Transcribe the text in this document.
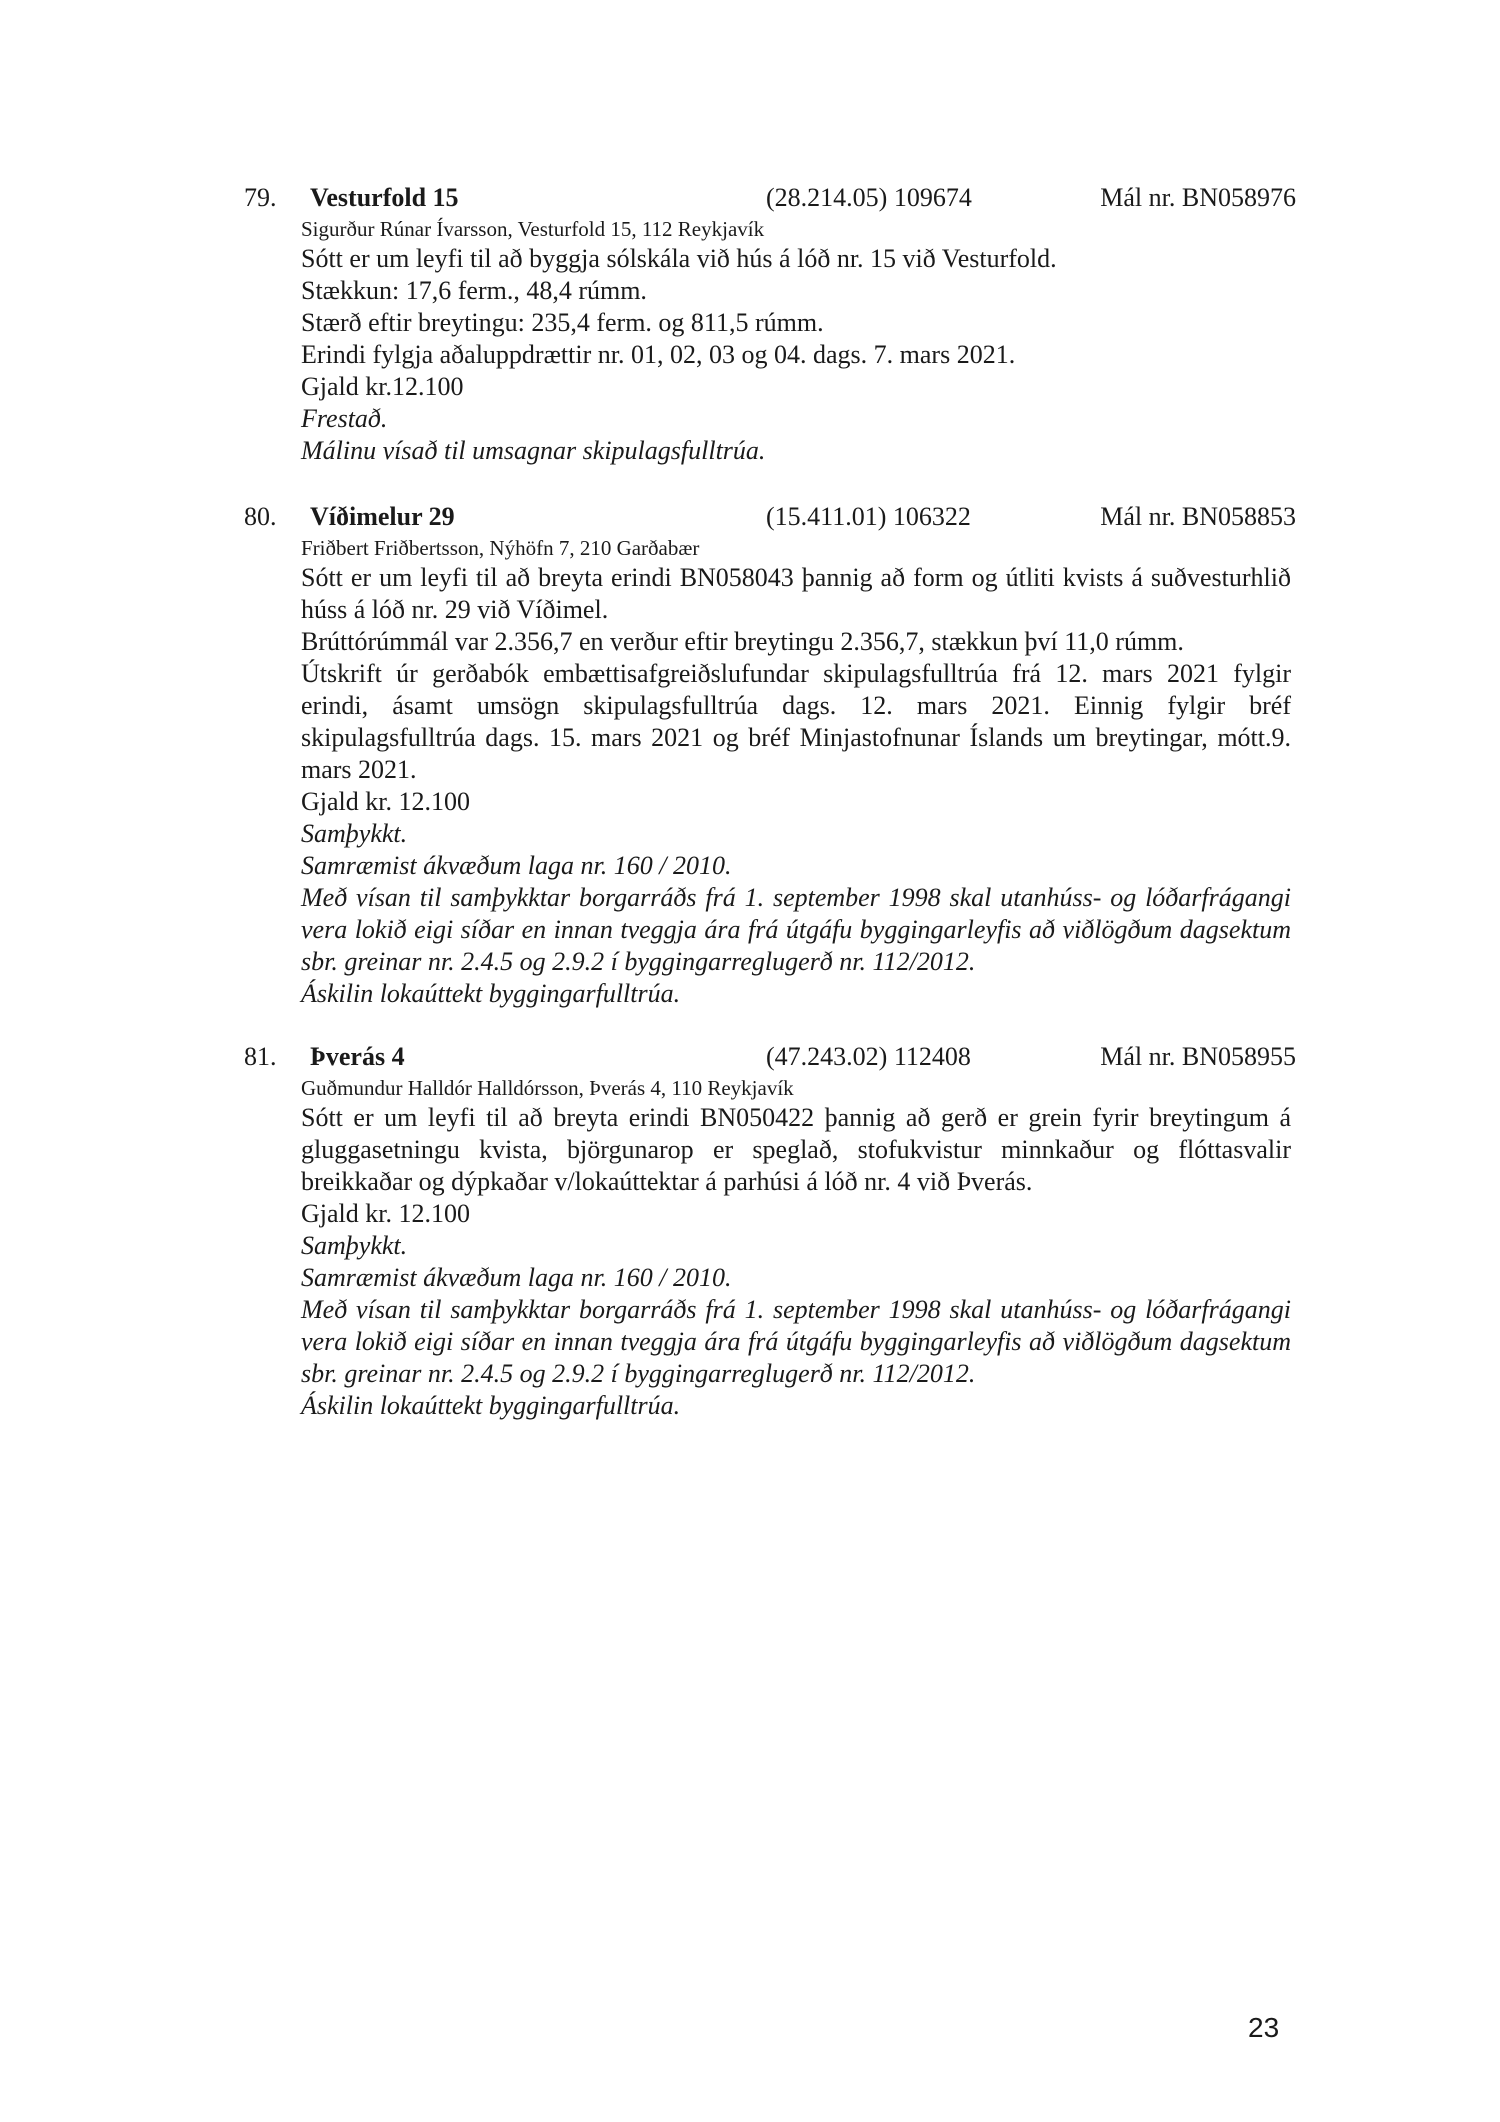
79. Vesturfold 15	(28.214.05) 109674	Mál nr. BN058976
Sigurður Rúnar Ívarsson, Vesturfold 15, 112 Reykjavík

Sótt er um leyfi til að byggja sólskála við hús á lóð nr. 15 við Vesturfold.

Stækkun: 17,6 ferm., 48,4 rúmm.

Stærð eftir breytingu: 235,4 ferm. og 811,5 rúmm.

Erindi fylgja aðaluppdrættir nr. 01, 02, 03 og 04. dags. 7. mars 2021.

Gjald kr.12.100

Frestað.

Málinu vísað til umsagnar skipulagsfulltrúa.

80. Víðimelur 29	(15.411.01) 106322	Mál nr. BN058853
Friðbert Friðbertsson, Nýhöfn 7, 210 Garðabær

Sótt er um leyfi til að breyta erindi BN058043 þannig að form og útliti kvists á suðvesturhlið húss á lóð nr. 29 við Víðimel.

Brúttórúmmál var 2.356,7 en verður eftir breytingu 2.356,7, stækkun því 11,0 rúmm.

Útskrift úr gerðabók embættisafgreiðslufundar skipulagsfulltrúa frá 12. mars 2021 fylgir erindi, ásamt umsögn skipulagsfulltrúa dags. 12. mars 2021. Einnig fylgir bréf skipulagsfulltrúa dags. 15. mars 2021 og bréf Minjastofnunar Íslands um breytingar, mótt.9. mars 2021.

Gjald kr. 12.100

Samþykkt.

Samræmist ákvæðum laga nr. 160 / 2010.

Með vísan til samþykktar borgarráðs frá 1. september 1998 skal utanhúss- og lóðarfrágangi vera lokið eigi síðar en innan tveggja ára frá útgáfu byggingarleyfis að viðlögðum dagsektum sbr. greinar nr. 2.4.5 og 2.9.2 í byggingarreglugerð nr. 112/2012.

Áskilin lokaúttekt byggingarfulltrúa.

81. Þverás 4	(47.243.02) 112408	Mál nr. BN058955
Guðmundur Halldór Halldórsson, Þverás 4, 110 Reykjavík

Sótt er um leyfi til að breyta erindi BN050422 þannig að gerð er grein fyrir breytingum á gluggasetningu kvista, björgunarop er speglað, stofukvistur minnkaður og flóttasvalir breikkaðar og dýpkaðar v/lokaúttektar á parhúsi á lóð nr. 4 við Þverás.

Gjald kr. 12.100

Samþykkt.

Samræmist ákvæðum laga nr. 160 / 2010.

Með vísan til samþykktar borgarráðs frá 1. september 1998 skal utanhúss- og lóðarfrágangi vera lokið eigi síðar en innan tveggja ára frá útgáfu byggingarleyfis að viðlögðum dagsektum sbr. greinar nr. 2.4.5 og 2.9.2 í byggingarreglugerð nr. 112/2012.

Áskilin lokaúttekt byggingarfulltrúa.

23
